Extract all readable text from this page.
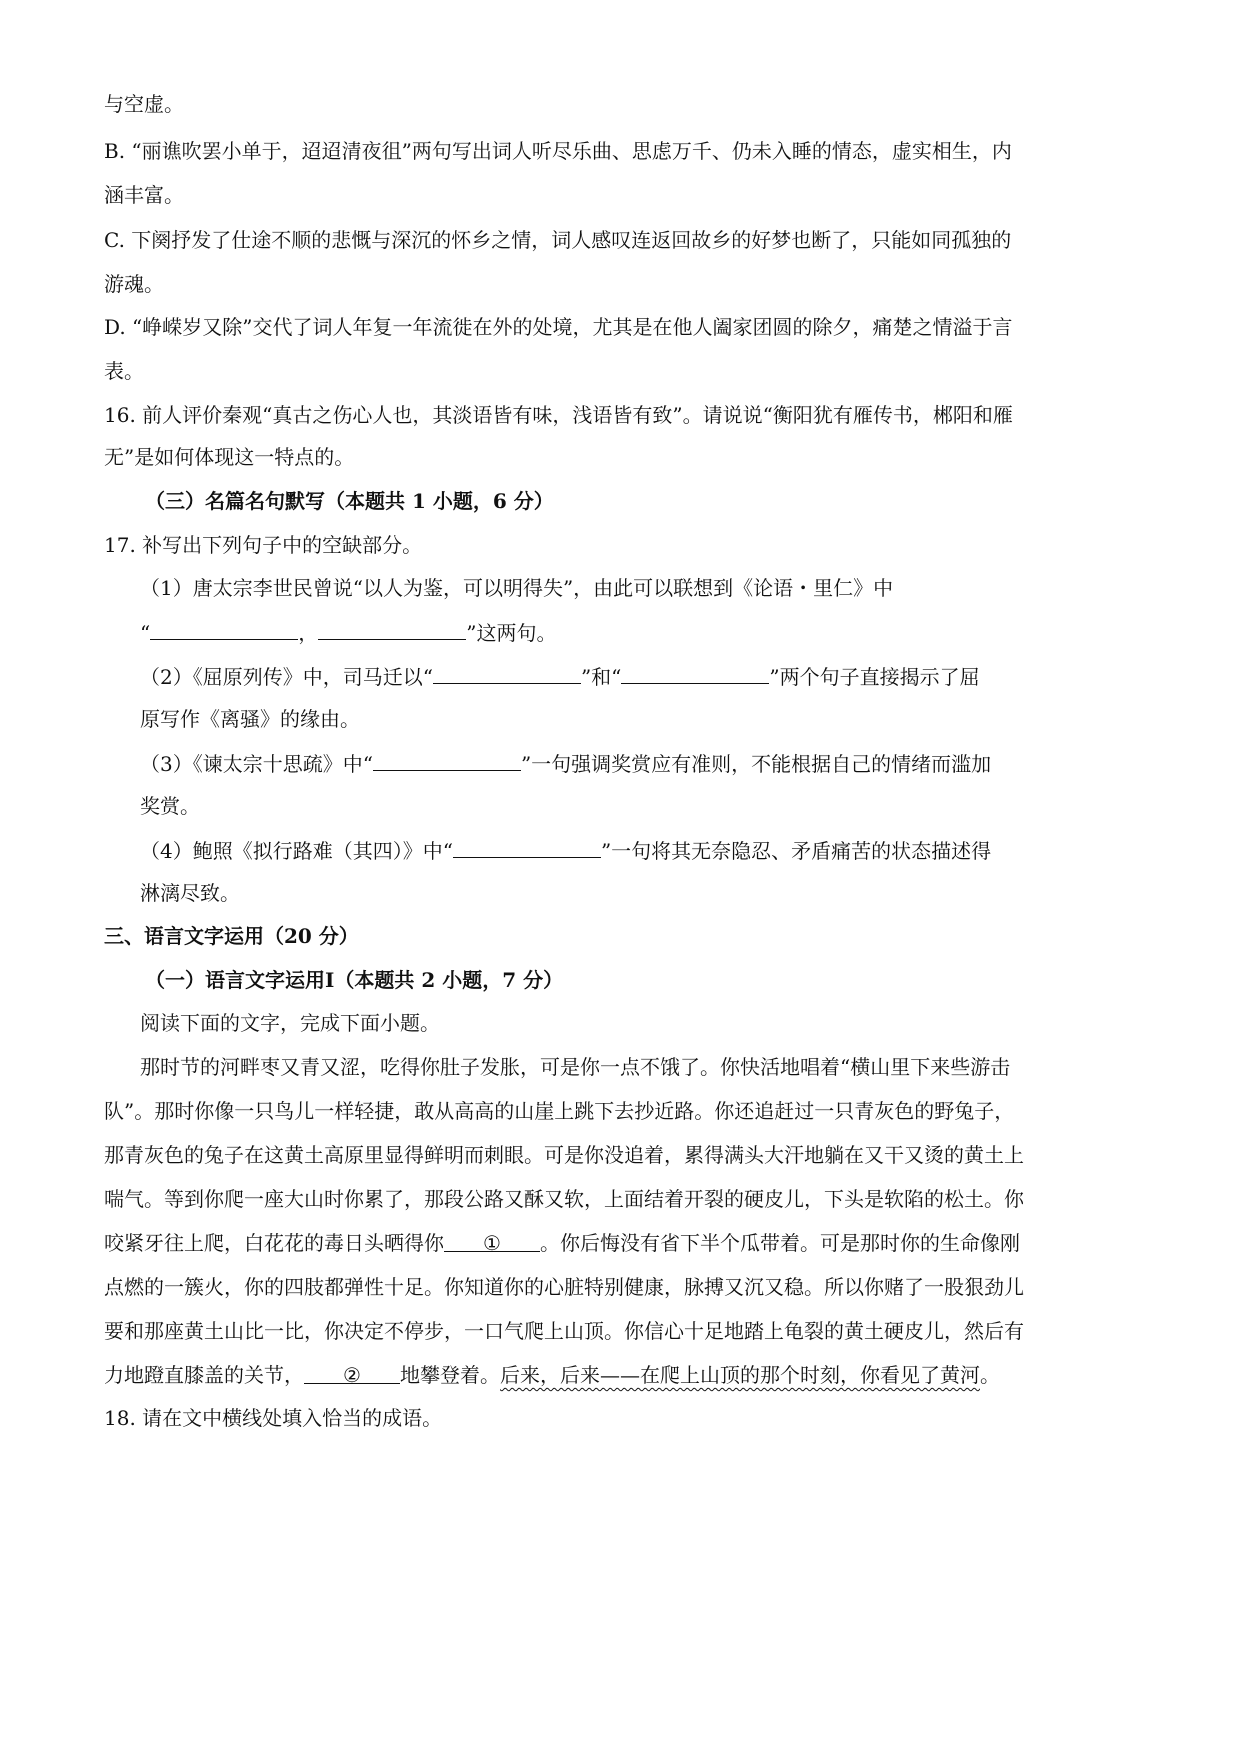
与空虚。
B. “丽谯吹罢小单于，迢迢清夜徂”两句写出词人听尽乐曲、思虑万千、仍未入睡的情态，虚实相生，内
涵丰富。
C. 下阕抒发了仕途不顺的悲慨与深沉的怀乡之情，词人感叹连返回故乡的好梦也断了，只能如同孤独的
游魂。
D. “峥嵘岁又除”交代了词人年复一年流徙在外的处境，尤其是在他人阖家团圆的除夕，痛楚之情溢于言
表。
16. 前人评价秦观“真古之伤心人也，其淡语皆有味，浅语皆有致”。请说说“衡阳犹有雁传书，郴阳和雁
无”是如何体现这一特点的。
（三）名篇名句默写（本题共 1 小题，6 分）
17. 补写出下列句子中的空缺部分。
（1）唐太宗李世民曾说“以人为鉴，可以明得失”，由此可以联想到《论语・里仁》中
“	，	”这两句。
（2）《屈原列传》中，司马迁以“	”和“	”两个句子直接揭示了屈
原写作《离骚》的缘由。
（3）《谏太宗十思疏》中“	”一句强调奖赏应有准则，不能根据自己的情绪而滥加
奖赏。
（4）鲍照《拟行路难（其四）》中“	”一句将其无奈隐忍、矛盾痛苦的状态描述得
淋漓尽致。
三、语言文字运用（20 分）
（一）语言文字运用Ⅰ（本题共 2 小题，7 分）
阅读下面的文字，完成下面小题。
那时节的河畔枣又青又涩，吃得你肚子发胀，可是你一点不饿了。你快活地唱着“横山里下来些游击
队”。那时你像一只鸟儿一样轻捷，敢从高高的山崖上跳下去抄近路。你还追赶过一只青灰色的野兔子，
那青灰色的兔子在这黄土高原里显得鲜明而刺眼。可是你没追着，累得满头大汗地躺在又干又烫的黄土上
喘气。等到你爬一座大山时你累了，那段公路又酥又软，上面结着开裂的硬皮儿，下头是软陷的松土。你
咬紧牙往上爬，白花花的毒日头晒得你 ① 。你后悔没有省下半个瓜带着。可是那时你的生命像刚
点燃的一簇火，你的四肢都弹性十足。你知道你的心脏特别健康，脉搏又沉又稳。所以你赌了一股狠劲儿
要和那座黄土山比一比，你决定不停步，一口气爬上山顶。你信心十足地踏上龟裂的黄土硬皮儿，然后有
力地蹬直膝盖的关节， ② 地攀登着。后来，后来——在爬上山顶的那个时刻，你看见了黄河。
18. 请在文中横线处填入恰当的成语。
